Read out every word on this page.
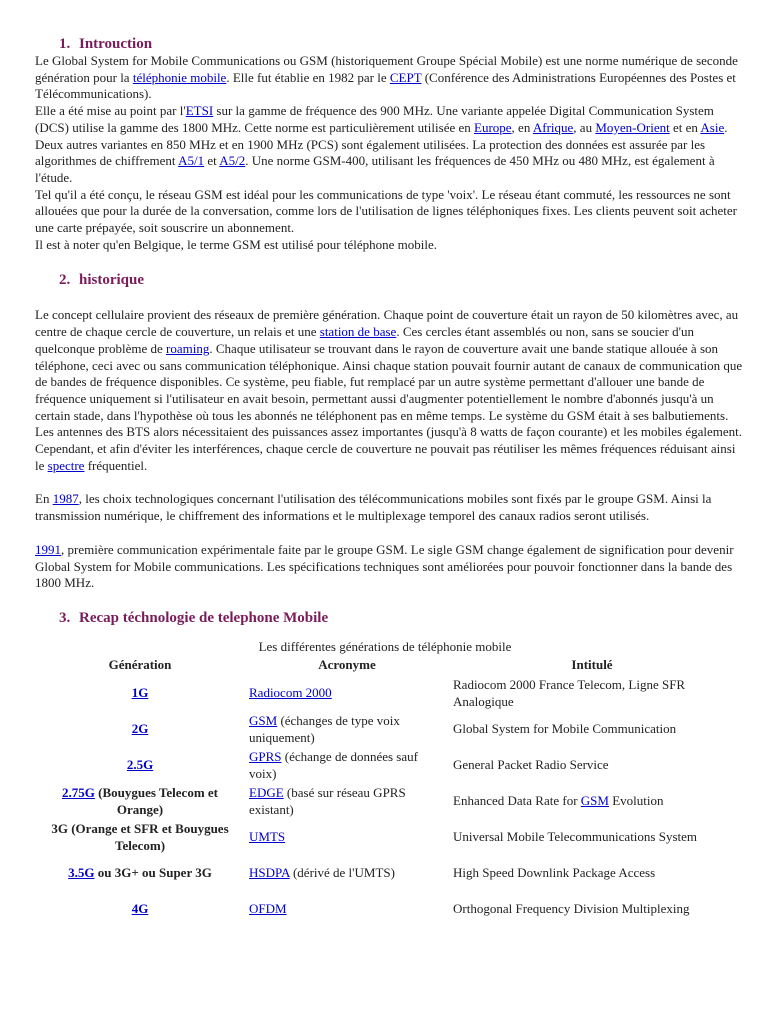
1. Introuction

Le Global System for Mobile Communications ou GSM (historiquement Groupe Spécial Mobile) est une norme numérique de seconde génération pour la téléphonie mobile. Elle fut établie en 1982 par le CEPT (Conférence des Administrations Européennes des Postes et Télécommunications).

Elle a été mise au point par l'ETSI sur la gamme de fréquence des 900 MHz. Une variante appelée Digital Communication System (DCS) utilise la gamme des 1800 MHz. Cette norme est particulièrement utilisée en Europe, en Afrique, au Moyen-Orient et en Asie. Deux autres variantes en 850 MHz et en 1900 MHz (PCS) sont également utilisées. La protection des données est assurée par les algorithmes de chiffrement A5/1 et A5/2. Une norme GSM-400, utilisant les fréquences de 450 MHz ou 480 MHz, est également à l'étude.

Tel qu'il a été conçu, le réseau GSM est idéal pour les communications de type 'voix'. Le réseau étant commuté, les ressources ne sont allouées que pour la durée de la conversation, comme lors de l'utilisation de lignes téléphoniques fixes. Les clients peuvent soit acheter une carte prépayée, soit souscrire un abonnement.

Il est à noter qu'en Belgique, le terme GSM est utilisé pour téléphone mobile.

2. historique

Le concept cellulaire provient des réseaux de première génération. Chaque point de couverture était un rayon de 50 kilomètres avec, au centre de chaque cercle de couverture, un relais et une station de base. Ces cercles étant assemblés ou non, sans se soucier d'un quelconque problème de roaming. Chaque utilisateur se trouvant dans le rayon de couverture avait une bande statique allouée à son téléphone, ceci avec ou sans communication téléphonique. Ainsi chaque station pouvait fournir autant de canaux de communication que de bandes de fréquence disponibles. Ce système, peu fiable, fut remplacé par un autre système permettant d'allouer une bande de fréquence uniquement si l'utilisateur en avait besoin, permettant aussi d'augmenter potentiellement le nombre d'abonnés jusqu'à un certain stade, dans l'hypothèse où tous les abonnés ne téléphonent pas en même temps. Le système du GSM était à ses balbutiements. Les antennes des BTS alors nécessitaient des puissances assez importantes (jusqu'à 8 watts de façon courante) et les mobiles également. Cependant, et afin d'éviter les interférences, chaque cercle de couverture ne pouvait pas réutiliser les mêmes fréquences réduisant ainsi le spectre fréquentiel.

En 1987, les choix technologiques concernant l'utilisation des télécommunications mobiles sont fixés par le groupe GSM. Ainsi la transmission numérique, le chiffrement des informations et le multiplexage temporel des canaux radios seront utilisés.

1991, première communication expérimentale faite par le groupe GSM. Le sigle GSM change également de signification pour devenir Global System for Mobile communications. Les spécifications techniques sont améliorées pour pouvoir fonctionner dans la bande des 1800 MHz.

3. Recap téchnologie de telephone Mobile
Les différentes générations de téléphonie mobile
Génération	Acronyme	Intitulé
1G	Radiocom 2000	Radiocom 2000 France Telecom, Ligne SFR Analogique
2G	GSM (échanges de type voix uniquement)	Global System for Mobile Communication
2.5G	GPRS (échange de données sauf voix)	General Packet Radio Service
2.75G (Bouygues Telecom et Orange)	EDGE (basé sur réseau GPRS existant)	Enhanced Data Rate for GSM Evolution
3G (Orange et SFR et Bouygues Telecom)	UMTS	Universal Mobile Telecommunications System
3.5G ou 3G+ ou Super 3G	HSDPA (dérivé de l'UMTS)	High Speed Downlink Package Access
4G	OFDM	Orthogonal Frequency Division Multiplexing
